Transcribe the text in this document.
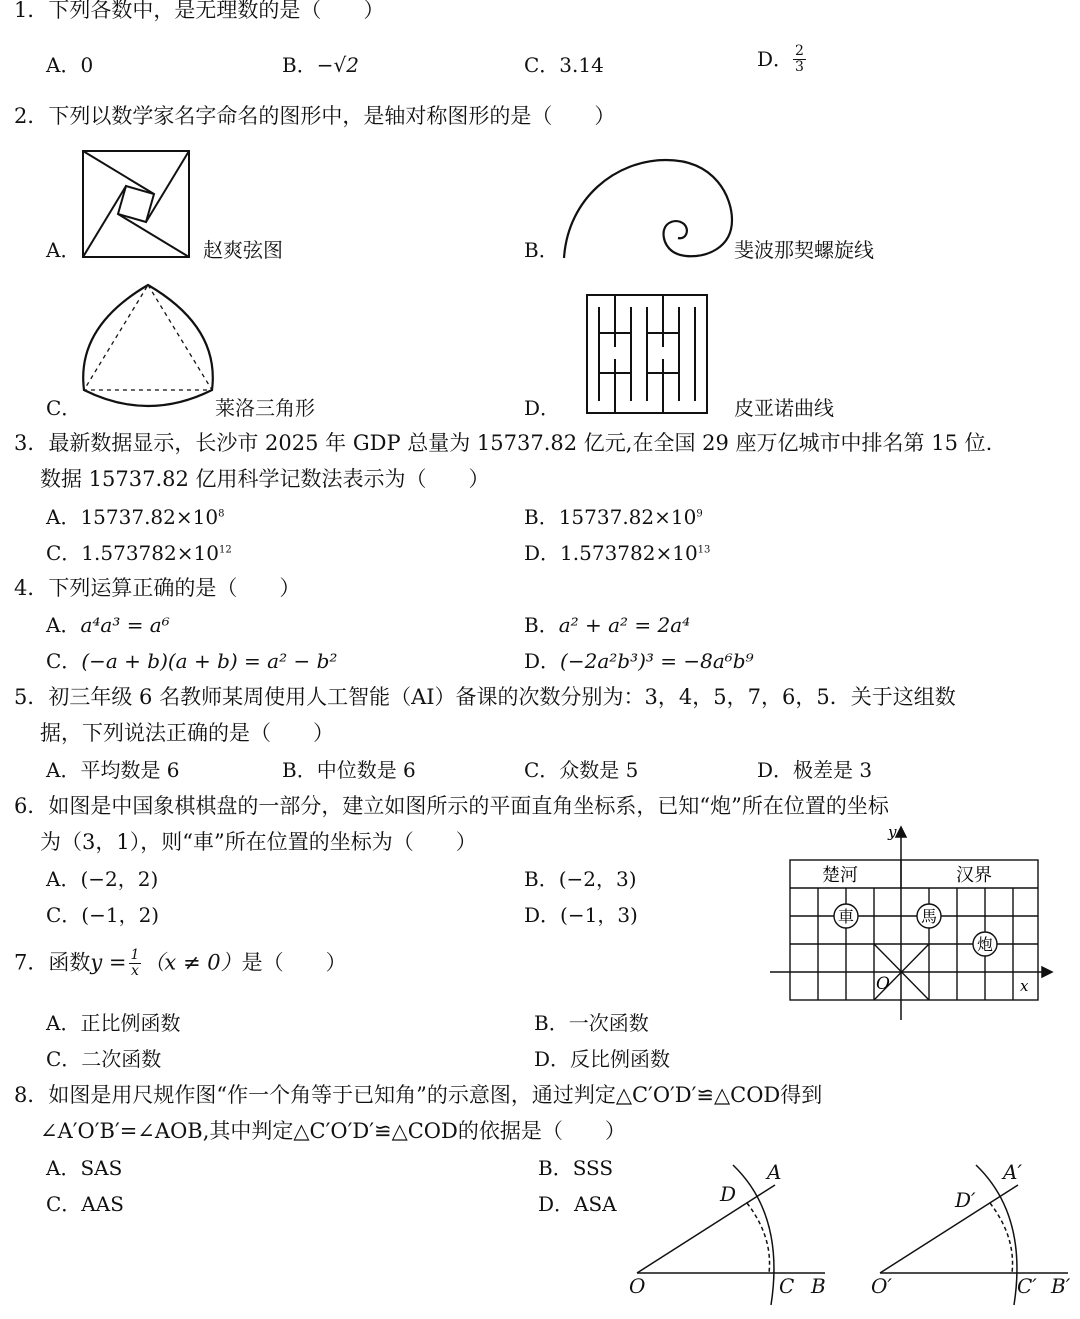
1．下列各数中，是无理数的是（　　）
A．0	B．−√2	C．3.14	D． $\frac{2}{3}$
2．下列以数学家名字命名的图形中，是轴对称图形的是（　　）
A．	赵爽弦图	B．	斐波那契螺旋线
C．	莱洛三角形	D．	皮亚诺曲线
3．最新数据显示，长沙市 2025 年 GDP 总量为 15737.82 亿元,在全国 29 座万亿城市中排名第 15 位.
数据 15737.82 亿用科学记数法表示为（　　）
A．$15737.82\times 10^8$	B．$15737.82\times 10^9$
C．$1.573782\times 10^{12}$	D．$1.573782\times 10^{13}$
4．下列运算正确的是（　　）
A．a⁴a³ = a⁶	B．a² + a² = 2a⁴
C．(−a + b)(a + b) = a² − b²	D．(−2a²b³)³ = −8a⁶b⁹
5．初三年级 6 名教师某周使用人工智能（AI）备课的次数分别为：3，4，5，7，6，5．关于这组数
据，下列说法正确的是（　　）
A．平均数是 6	B．中位数是 6	C．众数是 5	D．极差是 3
6．如图是中国象棋棋盘的一部分，建立如图所示的平面直角坐标系，已知“炮”所在位置的坐标
为（3，1），则“車”所在位置的坐标为（　　）
A．(−2，2)	B．(−2，3)
C．(−1，2)	D．(−1，3)
y
x
O
楚河	汉界
車	馬
炮
7．函数$y = \frac{1}{x} (x \ne 0)$是（　　）
A．正比例函数	B．一次函数
C．二次函数	D．反比例函数
8．如图是用尺规作图“作一个角等于已知角”的示意图，通过判定△C′O′D′≌△COD得到
∠A′O′B′=∠AOB,其中判定△C′O′D′≌△COD的依据是（　　）
A．SAS	B．SSS
C．AAS	D．ASA
O
A
D
C B O′
A′
D′
C′ B′
